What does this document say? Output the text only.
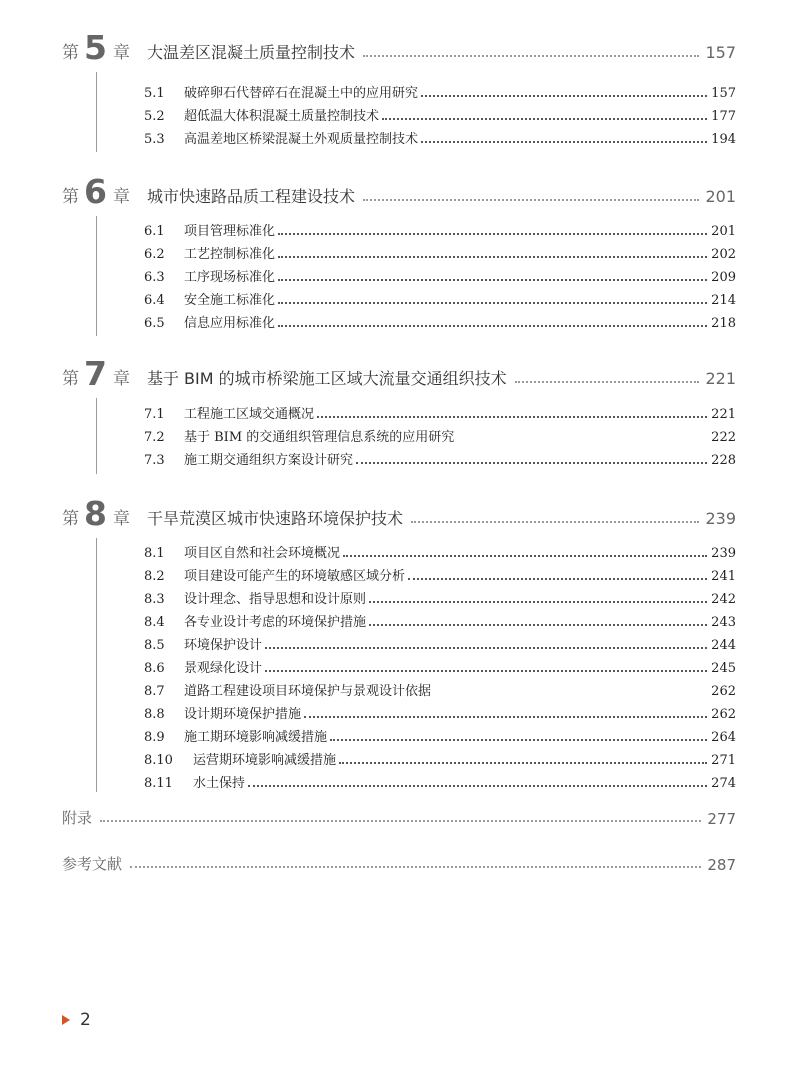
第 5 章 大温差区混凝土质量控制技术	157
5.1	破碎卵石代替碎石在混凝土中的应用研究	157
5.2	超低温大体积混凝土质量控制技术	177
5.3	高温差地区桥梁混凝土外观质量控制技术	194
第 6 章 城市快速路品质工程建设技术	201
6.1	项目管理标准化	201
6.2	工艺控制标准化	202
6.3	工序现场标准化	209
6.4	安全施工标准化	214
6.5	信息应用标准化	218
第 7 章 基于 BIM 的城市桥梁施工区域大流量交通组织技术	221
7.1	工程施工区域交通概况	221
7.2	基于 BIM 的交通组织管理信息系统的应用研究	222
7.3	施工期交通组织方案设计研究	228
第 8 章 干旱荒漠区城市快速路环境保护技术	239
8.1	项目区自然和社会环境概况	239
8.2	项目建设可能产生的环境敏感区域分析	241
8.3	设计理念、指导思想和设计原则	242
8.4	各专业设计考虑的环境保护措施	243
8.5	环境保护设计	244
8.6	景观绿化设计	245
8.7	道路工程建设项目环境保护与景观设计依据	262
8.8	设计期环境保护措施	262
8.9	施工期环境影响减缓措施	264
8.10	运营期环境影响减缓措施	271
8.11	水土保持	274
附录	277
参考文献	287
2
